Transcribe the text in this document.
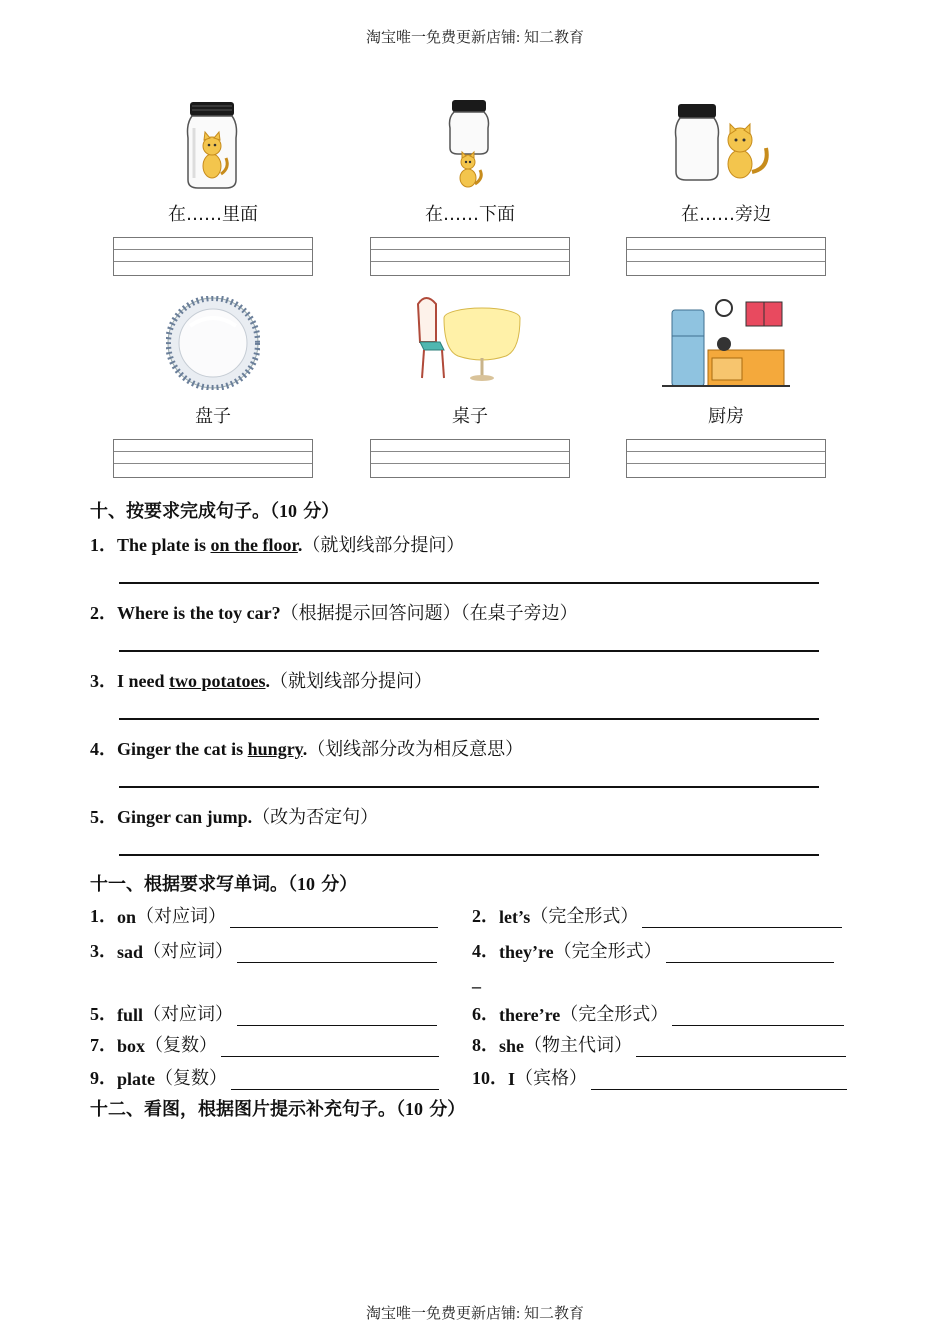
淘宝唯一免费更新店铺: 知二教育
在……里面	在……下面	在……旁边
盘子	桌子	厨房
十、按要求完成句子。（10 分）
1．The plate is on the floor.（就划线部分提问）
2．Where is the toy car?（根据提示回答问题）（在桌子旁边）
3．I need two potatoes.（就划线部分提问）
4．Ginger the cat is hungry.（划线部分改为相反意思）
5．Ginger can jump.（改为否定句）
十一、根据要求写单词。（10 分）
1． on （对应词）	2． let’s （完全形式）
3． sad （对应词）	4． they’re （完全形式）
_
5． full （对应词）	6． there’re （完全形式）
7． box （复数）	8． she （物主代词）
9． plate （复数）	10． I （宾格）
十二、看图，根据图片提示补充句子。（10 分）
淘宝唯一免费更新店铺: 知二教育
